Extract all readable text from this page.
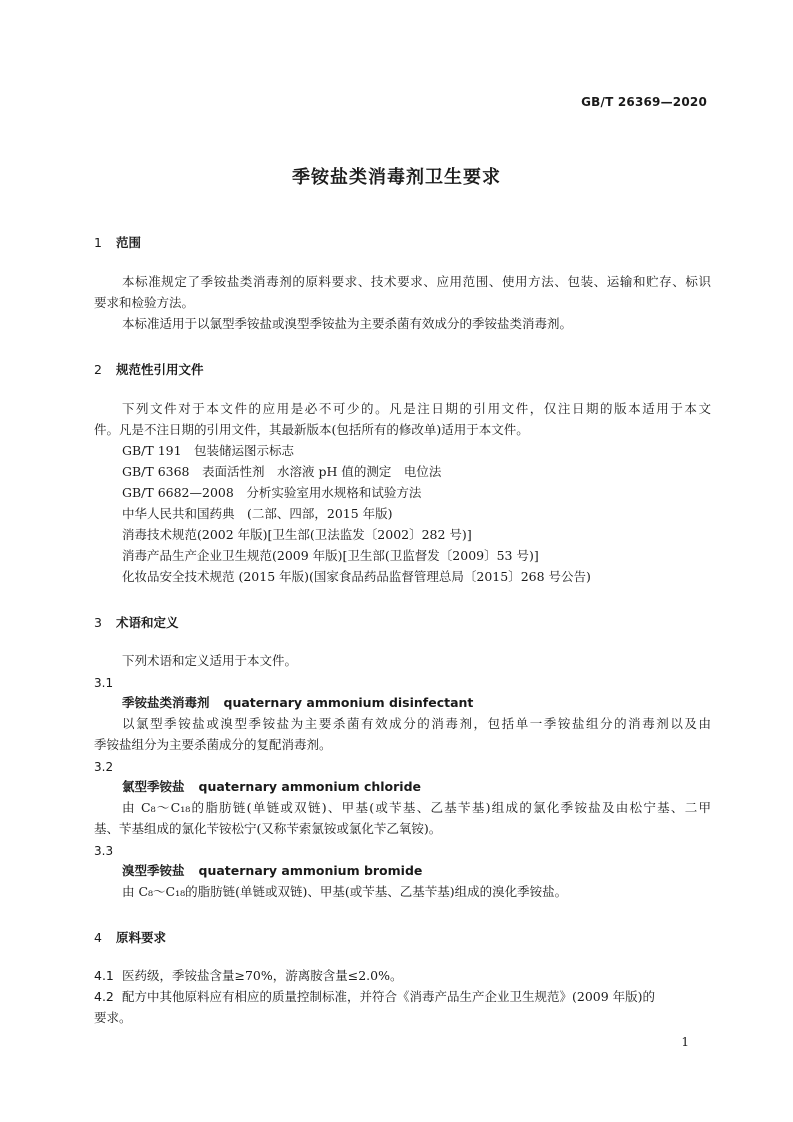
GB/T 26369—2020
季铵盐类消毒剂卫生要求
1 范围
本标准规定了季铵盐类消毒剂的原料要求、技术要求、应用范围、使用方法、包装、运输和贮存、标识
要求和检验方法。
本标准适用于以氯型季铵盐或溴型季铵盐为主要杀菌有效成分的季铵盐类消毒剂。
2 规范性引用文件
下列文件对于本文件的应用是必不可少的。凡是注日期的引用文件，仅注日期的版本适用于本文
件。凡是不注日期的引用文件，其最新版本(包括所有的修改单)适用于本文件。
GB/T 191　包装储运图示标志
GB/T 6368　表面活性剂　水溶液 pH 值的测定　电位法
GB/T 6682—2008　分析实验室用水规格和试验方法
中华人民共和国药典　(二部、四部，2015 年版)
消毒技术规范(2002 年版)[卫生部(卫法监发〔2002〕282 号)]
消毒产品生产企业卫生规范(2009 年版)[卫生部(卫监督发〔2009〕53 号)]
化妆品安全技术规范 (2015 年版)(国家食品药品监督管理总局〔2015〕268 号公告)
3 术语和定义
下列术语和定义适用于本文件。
3.1
季铵盐类消毒剂 quaternary ammonium disinfectant
以氯型季铵盐或溴型季铵盐为主要杀菌有效成分的消毒剂，包括单一季铵盐组分的消毒剂以及由
季铵盐组分为主要杀菌成分的复配消毒剂。
3.2
氯型季铵盐 quaternary ammonium chloride
由 C₈～C₁₈的脂肪链(单链或双链)、甲基(或苄基、乙基苄基)组成的氯化季铵盐及由松宁基、二甲
基、苄基组成的氯化苄铵松宁(又称苄索氯铵或氯化苄乙氧铵)。
3.3
溴型季铵盐 quaternary ammonium bromide
由 C₈～C₁₈的脂肪链(单链或双链)、甲基(或苄基、乙基苄基)组成的溴化季铵盐。
4 原料要求
4.1 医药级，季铵盐含量≥70%，游离胺含量≤2.0%。
4.2 配方中其他原料应有相应的质量控制标准，并符合《消毒产品生产企业卫生规范》(2009 年版)的
要求。
1
